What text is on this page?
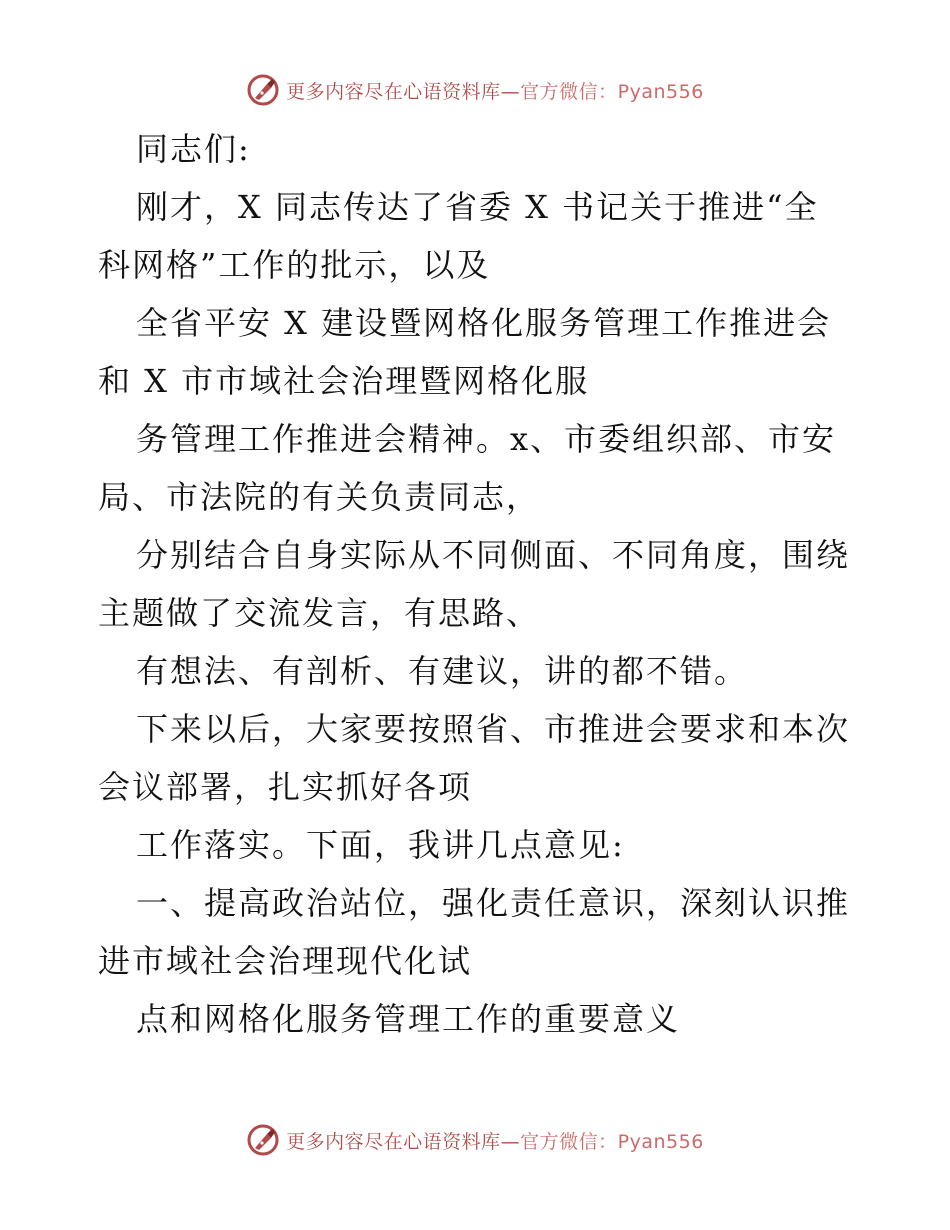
更多内容尽在心语资料库—官方微信：Pyan556
同志们:
刚才，X 同志传达了省委 X 书记关于推进“全
科网格”工作的批示，以及
全省平安 X 建设暨网格化服务管理工作推进会
和 X 市市域社会治理暨网格化服
务管理工作推进会精神。x、市委组织部、市安
局、市法院的有关负责同志，
分别结合自身实际从不同侧面、不同角度，围绕
主题做了交流发言，有思路、
有想法、有剖析、有建议，讲的都不错。
下来以后，大家要按照省、市推进会要求和本次
会议部署，扎实抓好各项
工作落实。下面，我讲几点意见:
一、提高政治站位，强化责任意识，深刻认识推
进市域社会治理现代化试
点和网格化服务管理工作的重要意义
更多内容尽在心语资料库—官方微信：Pyan556
